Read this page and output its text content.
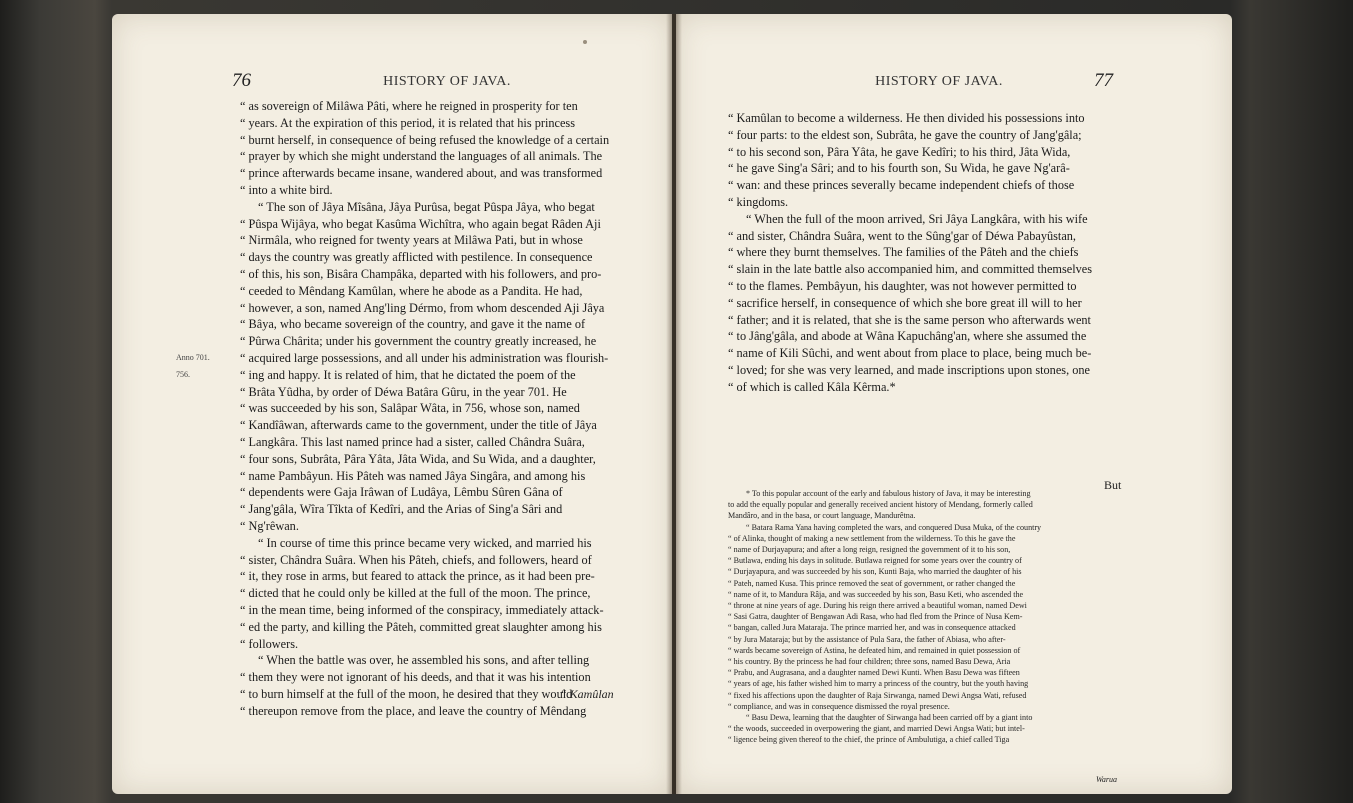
76	HISTORY OF JAVA.	77
HISTORY OF JAVA.
Anno 701.
756.

“ as sovereign of Milâwa Pâti, where he reigned in prosperity for ten

“ years. At the expiration of this period, it is related that his princess

“ burnt herself, in consequence of being refused the knowledge of a certain

“ prayer by which she might understand the languages of all animals. The

“ prince afterwards became insane, wandered about, and was transformed

“ into a white bird.

“ The son of Jâya Mîsâna, Jâya Purûsa, begat Pûspa Jâya, who begat

“ Pûspa Wijâya, who begat Kasûma Wichîtra, who again begat Râden Aji

“ Nirmâla, who reigned for twenty years at Milâwa Pati, but in whose

“ days the country was greatly afflicted with pestilence. In consequence

“ of this, his son, Bisâra Champâka, departed with his followers, and pro-

“ ceeded to Mêndang Kamûlan, where he abode as a Pandita. He had,

“ however, a son, named Ang'ling Dérmo, from whom descended Aji Jâya

“ Bâya, who became sovereign of the country, and gave it the name of

“ Pûrwa Chârita; under his government the country greatly increased, he

“ acquired large possessions, and all under his administration was flourish-

“ ing and happy. It is related of him, that he dictated the poem of the

“ Brâta Yûdha, by order of Déwa Batâra Gûru, in the year 701. He

“ was succeeded by his son, Salâpar Wâta, in 756, whose son, named

“ Kandîâwan, afterwards came to the government, under the title of Jâya

“ Langkâra. This last named prince had a sister, called Chândra Suâra,

“ four sons, Subrâta, Pâra Yâta, Jâta Wida, and Su Wida, and a daughter,

“ name Pambâyun. His Pâteh was named Jâya Singâra, and among his

“ dependents were Gaja Irâwan of Ludâya, Lêmbu Sûren Gâna of

“ Jang'gâla, Wîra Tîkta of Kedîri, and the Arias of Sing'a Sâri and

“ Ng'rêwan.

“ In course of time this prince became very wicked, and married his

“ sister, Chândra Suâra. When his Pâteh, chiefs, and followers, heard of

“ it, they rose in arms, but feared to attack the prince, as it had been pre-

“ dicted that he could only be killed at the full of the moon. The prince,

“ in the mean time, being informed of the conspiracy, immediately attack-

“ ed the party, and killing the Pâteh, committed great slaughter among his

“ followers.

“ When the battle was over, he assembled his sons, and after telling

“ them they were not ignorant of his deeds, and that it was his intention

“ to burn himself at the full of the moon, he desired that they would

“ thereupon remove from the place, and leave the country of Mêndang

“ Kamûlan

“ Kamûlan to become a wilderness. He then divided his possessions into

“ four parts: to the eldest son, Subrâta, he gave the country of Jang'gâla;

“ to his second son, Pâra Yâta, he gave Kedîri; to his third, Jâta Wida,

“ he gave Sing'a Sâri; and to his fourth son, Su Wida, he gave Ng'arâ-

“ wan: and these princes severally became independent chiefs of those

“ kingdoms.

“ When the full of the moon arrived, Sri Jâya Langkâra, with his wife

“ and sister, Chândra Suâra, went to the Sûng'gar of Déwa Pabayûstan,

“ where they burnt themselves. The families of the Pâteh and the chiefs

“ slain in the late battle also accompanied him, and committed themselves

“ to the flames. Pembâyun, his daughter, was not however permitted to

“ sacrifice herself, in consequence of which she bore great ill will to her

“ father; and it is related, that she is the same person who afterwards went

“ to Jâng'gâla, and abode at Wâna Kapuchâng'an, where she assumed the

“ name of Kili Sûchi, and went about from place to place, being much be-

“ loved; for she was very learned, and made inscriptions upon stones, one

“ of which is called Kâla Kêrma.*

But

* To this popular account of the early and fabulous history of Java, it may be interesting

to add the equally popular and generally received ancient history of Mendang, formerly called

Mandâro, and in the basa, or court language, Mandurêtna.

“ Batara Rama Yana having completed the wars, and conquered Dusa Muka, of the country

“ of Alinka, thought of making a new settlement from the wilderness. To this he gave the

“ name of Durjayapura; and after a long reign, resigned the government of it to his son,

“ Butlawa, ending his days in solitude. Butlawa reigned for some years over the country of

“ Durjayapura, and was succeeded by his son, Kunti Baja, who married the daughter of his

“ Pateh, named Kusa. This prince removed the seat of government, or rather changed the

“ name of it, to Mandura Râja, and was succeeded by his son, Basu Keti, who ascended the

“ throne at nine years of age. During his reign there arrived a beautiful woman, named Dewi

“ Sasi Gatra, daughter of Bengawan Adi Rasa, who had fled from the Prince of Nusa Kem-

“ bangan, called Jura Mataraja. The prince married her, and was in consequence attacked

“ by Jura Mataraja; but by the assistance of Pula Sara, the father of Abiasa, who after-

“ wards became sovereign of Astina, he defeated him, and remained in quiet possession of

“ his country. By the princess he had four children; three sons, named Basu Dewa, Aria

“ Prabu, and Augrasana, and a daughter named Dewi Kunti. When Basu Dewa was fifteen

“ years of age, his father wished him to marry a princess of the country, but the youth having

“ fixed his affections upon the daughter of Raja Sirwanga, named Dewi Angsa Wati, refused

“ compliance, and was in consequence dismissed the royal presence.

“ Basu Dewa, learning that the daughter of Sirwanga had been carried off by a giant into

“ the woods, succeeded in overpowering the giant, and married Dewi Angsa Wati; but intel-

“ ligence being given thereof to the chief, the prince of Ambulutiga, a chief called Tiga

Warua
